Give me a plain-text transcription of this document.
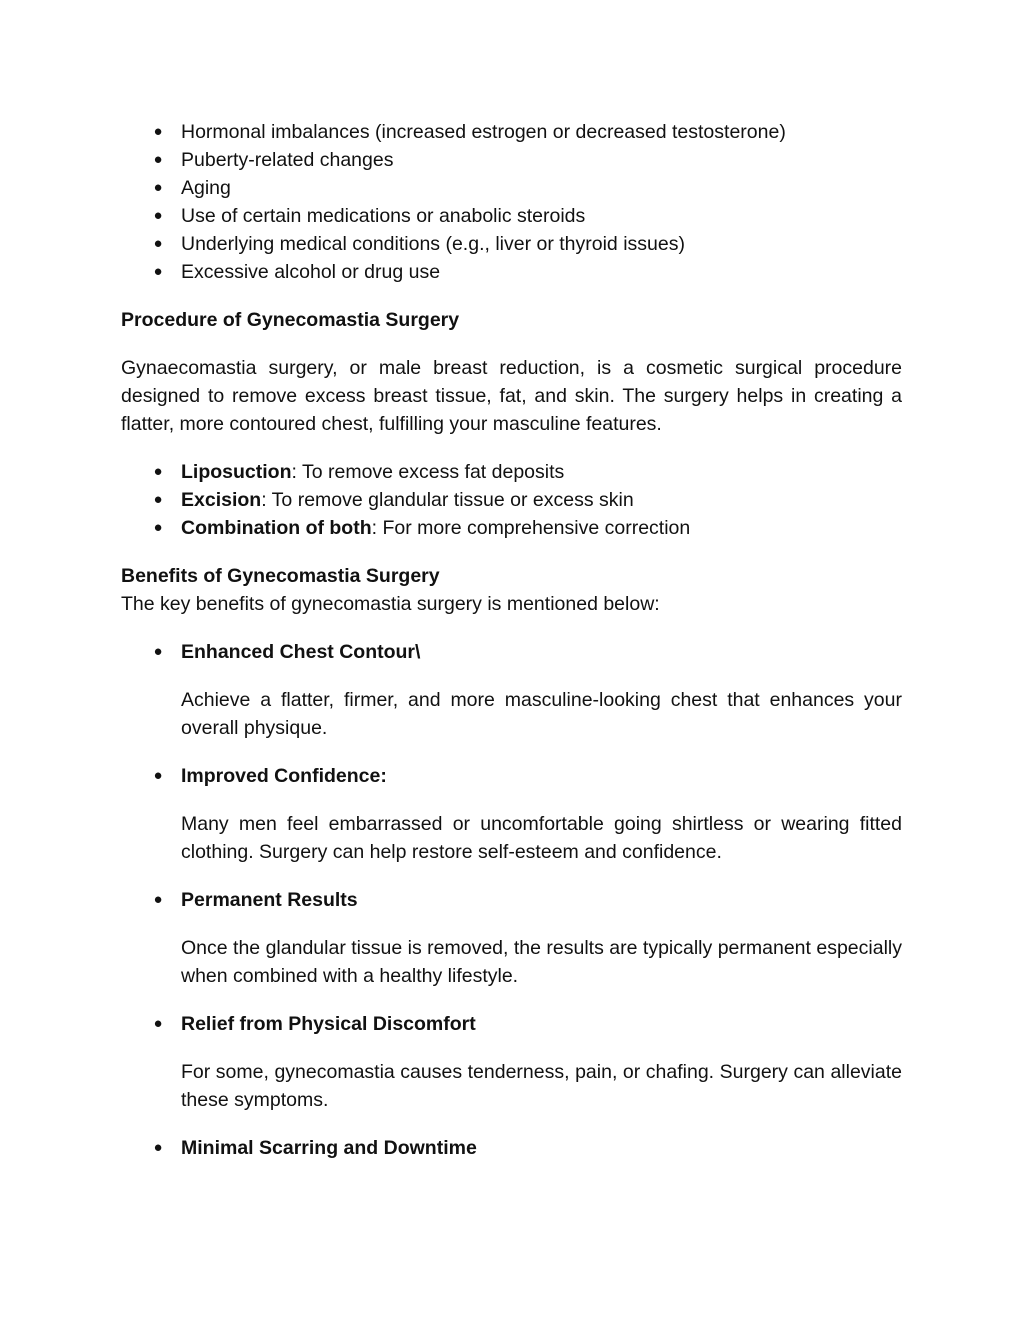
● Hormonal imbalances (increased estrogen or decreased testosterone)
● Puberty-related changes
● Aging
● Use of certain medications or anabolic steroids
● Underlying medical conditions (e.g., liver or thyroid issues)
● Excessive alcohol or drug use

Procedure of Gynecomastia Surgery

Gynaecomastia surgery, or male breast reduction, is a cosmetic surgical procedure designed to remove excess breast tissue, fat, and skin. The surgery helps in creating a flatter, more contoured chest, fulfilling your masculine features.

● Liposuction: To remove excess fat deposits
● Excision: To remove glandular tissue or excess skin
● Combination of both: For more comprehensive correction

Benefits of Gynecomastia Surgery

The key benefits of gynecomastia surgery is mentioned below:

● Enhanced Chest Contour\

Achieve a flatter, firmer, and more masculine-looking chest that enhances your overall physique.

● Improved Confidence:

Many men feel embarrassed or uncomfortable going shirtless or wearing fitted clothing. Surgery can help restore self-esteem and confidence.

● Permanent Results

Once the glandular tissue is removed, the results are typically permanent especially when combined with a healthy lifestyle.

● Relief from Physical Discomfort

For some, gynecomastia causes tenderness, pain, or chafing. Surgery can alleviate these symptoms.

● Minimal Scarring and Downtime
